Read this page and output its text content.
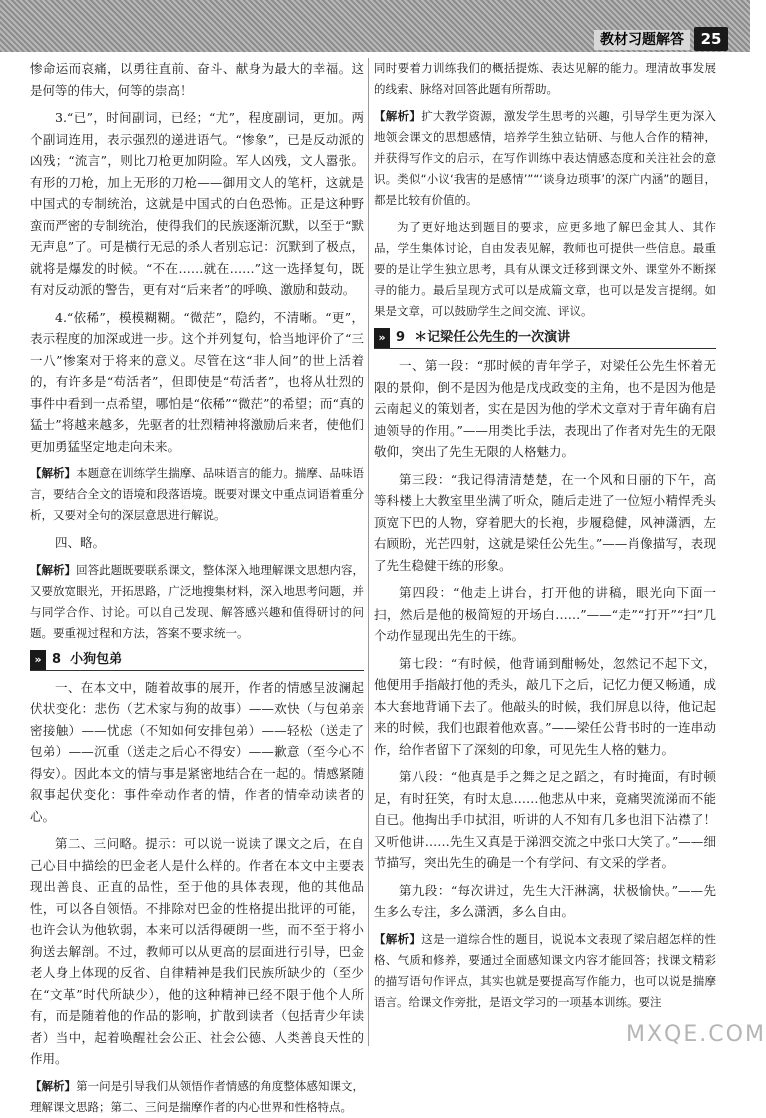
教材习题解答	25

惨命运而哀痛，以勇往直前、奋斗、献身为最大的幸福。这是何等的伟大，何等的崇高！

3.“已”，时间副词，已经；“尤”，程度副词，更加。两个副词连用，表示强烈的递进语气。“惨象”，已是反动派的凶残；“流言”，则比刀枪更加阴险。军人凶残，文人嚣张。有形的刀枪，加上无形的刀枪——御用文人的笔杆，这就是中国式的专制统治，这就是中国式的白色恐怖。正是这种野蛮而严密的专制统治，使得我们的民族逐渐沉默，以至于“默无声息”了。可是横行无忌的杀人者别忘记：沉默到了极点，就将是爆发的时候。“不在……就在……”这一选择复句，既有对反动派的警告，更有对“后来者”的呼唤、激励和鼓动。

4.“依稀”，模模糊糊。“微茫”，隐约，不清晰。“更”，表示程度的加深或进一步。这个并列复句，恰当地评价了“三一八”惨案对于将来的意义。尽管在这“非人间”的世上活着的，有许多是“苟活者”，但即使是“苟活者”，也将从壮烈的事件中看到一点希望，哪怕是“依稀”“微茫”的希望；而“真的猛士”将越来越多，先驱者的壮烈精神将激励后来者，使他们更加勇猛坚定地走向未来。

【解析】本题意在训练学生揣摩、品味语言的能力。揣摩、品味语言，要结合全文的语境和段落语境。既要对课文中重点词语着重分析，又要对全句的深层意思进行解说。

四、略。

【解析】回答此题既要联系课文，整体深入地理解课文思想内容，又要放宽眼光，开拓思路，广泛地搜集材料，深入地思考问题，并与同学合作、讨论。可以自己发现、解答感兴趣和值得研讨的问题。要重视过程和方法，答案不要求统一。

» 8 小狗包弟

一、在本文中，随着故事的展开，作者的情感呈波澜起伏状变化：悲伤（艺术家与狗的故事）——欢快（与包弟亲密接触）——忧虑（不知如何安排包弟）——轻松（送走了包弟）——沉重（送走之后心不得安）——歉意（至今心不得安）。因此本文的情与事是紧密地结合在一起的。情感紧随叙事起伏变化：事件牵动作者的情，作者的情牵动读者的心。

第二、三问略。提示：可以说一说读了课文之后，在自己心目中描绘的巴金老人是什么样的。作者在本文中主要表现出善良、正直的品性，至于他的具体表现，他的其他品性，可以各自领悟。不排除对巴金的性格提出批评的可能，也许会认为他软弱，本来可以活得硬朗一些，而不至于将小狗送去解剖。不过，教师可以从更高的层面进行引导，巴金老人身上体现的反省、自律精神是我们民族所缺少的（至少在“文革”时代所缺少），他的这种精神已经不限于他个人所有，而是随着他的作品的影响，扩散到读者（包括青少年读者）当中，起着唤醒社会公正、社会公德、人类善良天性的作用。

【解析】第一问是引导我们从领悟作者情感的角度整体感知课文，理解课文思路；第二、三问是揣摩作者的内心世界和性格特点。

同时要着力训练我们的概括提炼、表达见解的能力。理清故事发展的线索、脉络对回答此题有所帮助。

【解析】扩大教学资源，激发学生思考的兴趣，引导学生更为深入地领会课文的思想感情，培养学生独立钻研、与他人合作的精神，并获得写作文的启示，在写作训练中表达情感态度和关注社会的意识。类似“小议‘我害的是感情’”“‘谈身边琐事’的深广内涵”的题目，都是比较有价值的。

为了更好地达到题目的要求，应更多地了解巴金其人、其作品，学生集体讨论，自由发表见解，教师也可提供一些信息。最重要的是让学生独立思考，具有从课文迁移到课文外、课堂外不断探寻的能力。最后呈现方式可以是成篇文章，也可以是发言提纲。如果是文章，可以鼓励学生之间交流、评议。

» 9 ＊记梁任公先生的一次演讲

一、第一段：“那时候的青年学子，对梁任公先生怀着无限的景仰，倒不是因为他是戊戌政变的主角，也不是因为他是云南起义的策划者，实在是因为他的学术文章对于青年确有启迪领导的作用。”——用类比手法，表现出了作者对先生的无限敬仰，突出了先生无限的人格魅力。

第三段：“我记得清清楚楚，在一个风和日丽的下午，高等科楼上大教室里坐满了听众，随后走进了一位短小精悍秃头顶宽下巴的人物，穿着肥大的长袍，步履稳健，风神潇洒，左右顾盼，光芒四射，这就是梁任公先生。”——肖像描写，表现了先生稳健干练的形象。

第四段：“他走上讲台，打开他的讲稿，眼光向下面一扫，然后是他的极简短的开场白……”——“走”“打开”“扫”几个动作显现出先生的干练。

第七段：“有时候，他背诵到酣畅处，忽然记不起下文，他便用手指敲打他的秃头，敲几下之后，记忆力便又畅通，成本大套地背诵下去了。他敲头的时候，我们屏息以待，他记起来的时候，我们也跟着他欢喜。”——梁任公背书时的一连串动作，给作者留下了深刻的印象，可见先生人格的魅力。

第八段：“他真是手之舞之足之蹈之，有时掩面，有时顿足，有时狂笑，有时太息……他悲从中来，竟痛哭流涕而不能自已。他掏出手巾拭泪，听讲的人不知有几多也泪下沾襟了！又听他讲……先生又真是于涕泗交流之中张口大笑了。”——细节描写，突出先生的确是一个有学问、有文采的学者。

第九段：“每次讲过，先生大汗淋漓，状极愉快。”——先生多么专注，多么潇洒，多么自由。

【解析】这是一道综合性的题目，说说本文表现了梁启超怎样的性格、气质和修养，要通过全面感知课文内容才能回答；找课文精彩的描写语句作评点，其实也就是要提高写作能力，也可以说是揣摩语言。给课文作旁批，是语文学习的一项基本训练。要注

MXQE.COM
